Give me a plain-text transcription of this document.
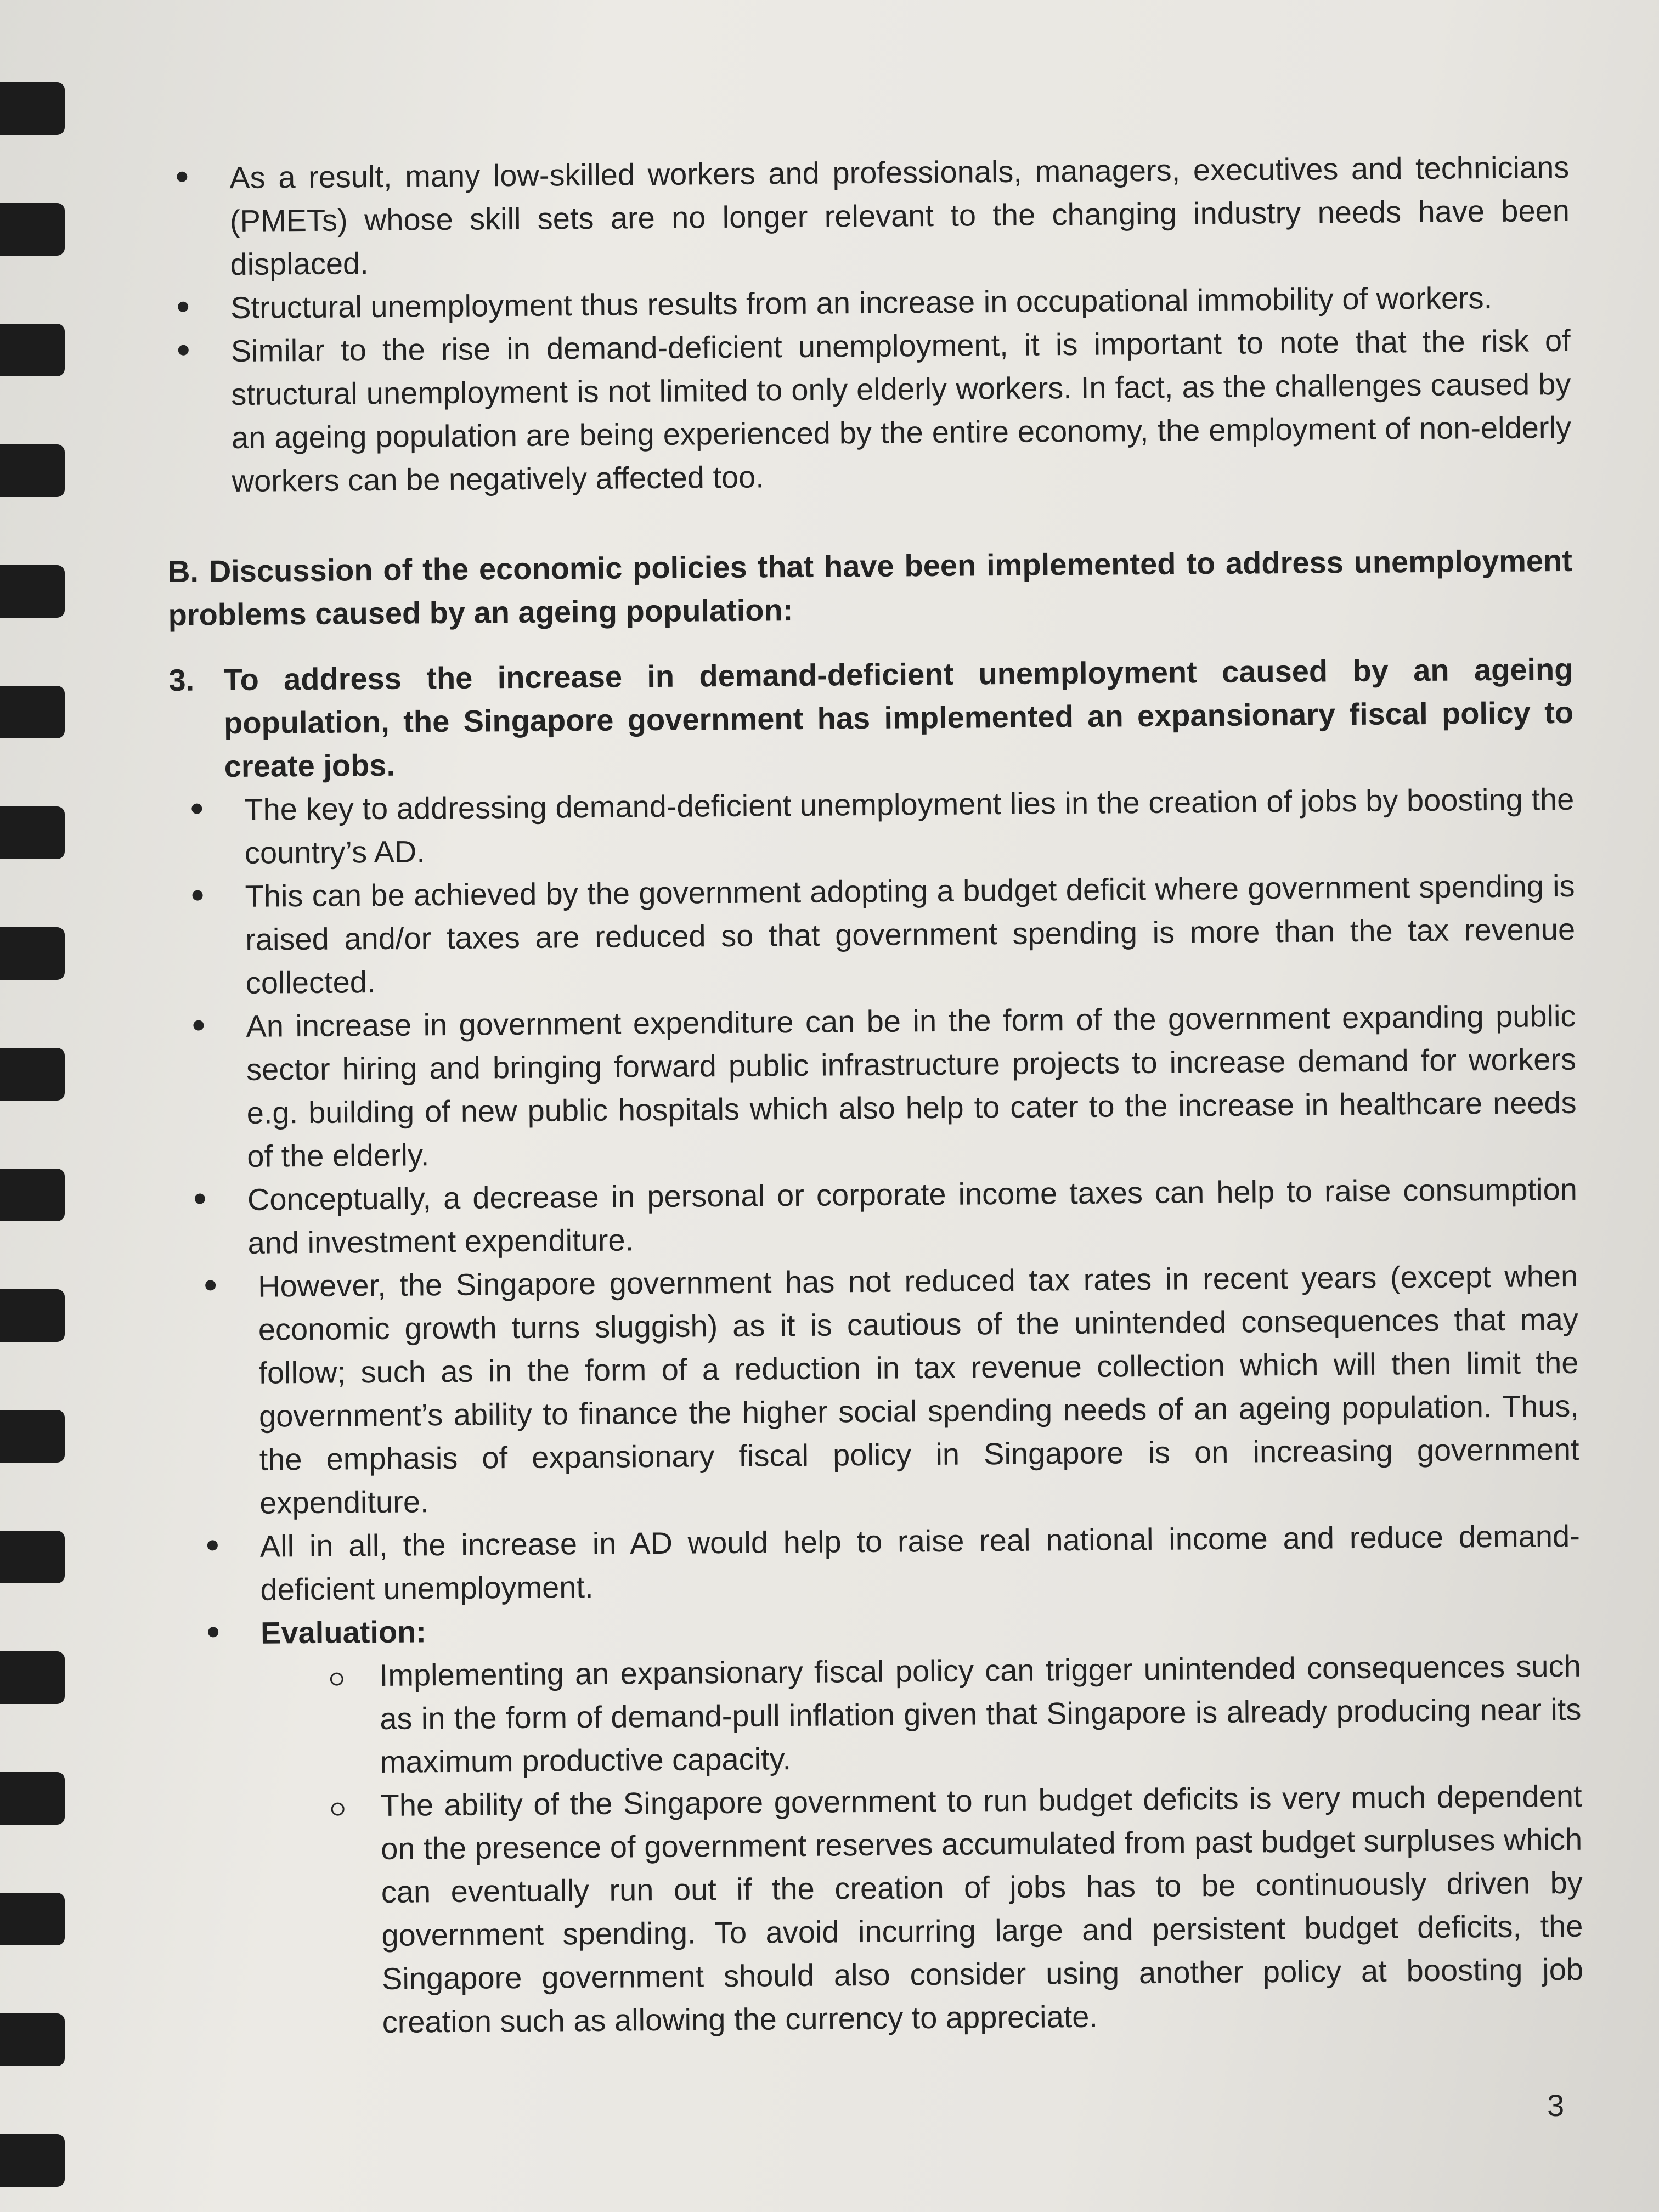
As a result, many low-skilled workers and professionals, managers, executives and technicians (PMETs) whose skill sets are no longer relevant to the changing industry needs have been displaced.
Structural unemployment thus results from an increase in occupational immobility of workers.
Similar to the rise in demand-deficient unemployment, it is important to note that the risk of structural unemployment is not limited to only elderly workers. In fact, as the challenges caused by an ageing population are being experienced by the entire economy, the employment of non-elderly workers can be negatively affected too.
B. Discussion of the economic policies that have been implemented to address unemployment problems caused by an ageing population:
3. To address the increase in demand-deficient unemployment caused by an ageing population, the Singapore government has implemented an expansionary fiscal policy to create jobs.
The key to addressing demand-deficient unemployment lies in the creation of jobs by boosting the country’s AD.
This can be achieved by the government adopting a budget deficit where government spending is raised and/or taxes are reduced so that government spending is more than the tax revenue collected.
An increase in government expenditure can be in the form of the government expanding public sector hiring and bringing forward public infrastructure projects to increase demand for workers e.g. building of new public hospitals which also help to cater to the increase in healthcare needs of the elderly.
Conceptually, a decrease in personal or corporate income taxes can help to raise consumption and investment expenditure.
However, the Singapore government has not reduced tax rates in recent years (except when economic growth turns sluggish) as it is cautious of the unintended consequences that may follow; such as in the form of a reduction in tax revenue collection which will then limit the government’s ability to finance the higher social spending needs of an ageing population. Thus, the emphasis of expansionary fiscal policy in Singapore is on increasing government expenditure.
All in all, the increase in AD would help to raise real national income and reduce demand-deficient unemployment.
Evaluation:
Implementing an expansionary fiscal policy can trigger unintended consequences such as in the form of demand-pull inflation given that Singapore is already producing near its maximum productive capacity.
The ability of the Singapore government to run budget deficits is very much dependent on the presence of government reserves accumulated from past budget surpluses which can eventually run out if the creation of jobs has to be continuously driven by government spending. To avoid incurring large and persistent budget deficits, the Singapore government should also consider using another policy at boosting job creation such as allowing the currency to appreciate.
3
